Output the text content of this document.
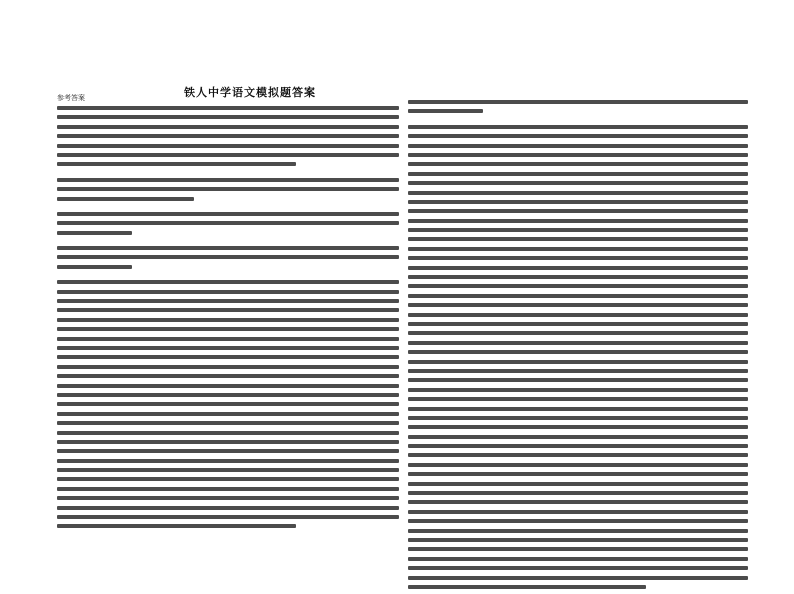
铁人中学语文模拟题答案
参考答案
